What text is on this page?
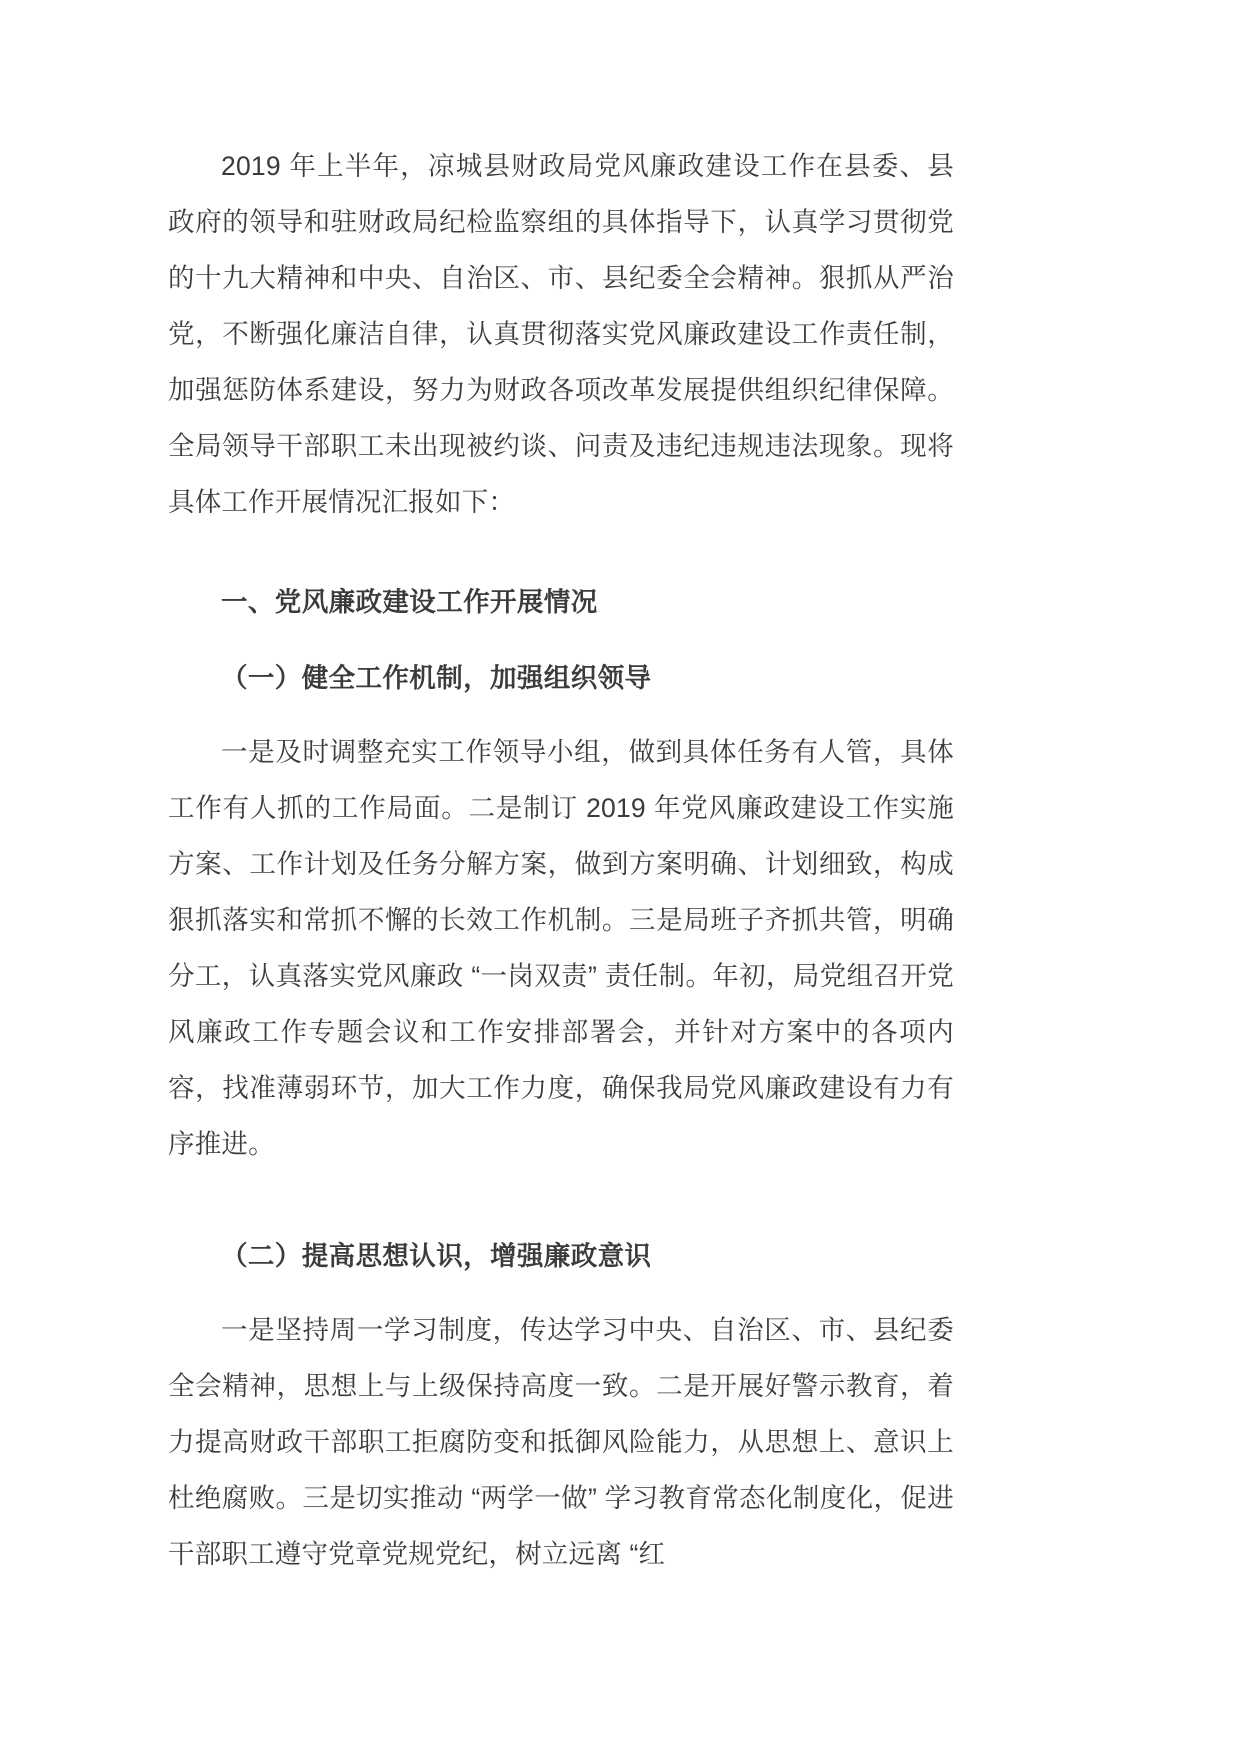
2019 年上半年，凉城县财政局党风廉政建设工作在县委、县政府的领导和驻财政局纪检监察组的具体指导下，认真学习贯彻党的十九大精神和中央、自治区、市、县纪委全会精神。狠抓从严治党，不断强化廉洁自律，认真贯彻落实党风廉政建设工作责任制，加强惩防体系建设，努力为财政各项改革发展提供组织纪律保障。全局领导干部职工未出现被约谈、问责及违纪违规违法现象。现将具体工作开展情况汇报如下：

一、党风廉政建设工作开展情况
（一）健全工作机制，加强组织领导

一是及时调整充实工作领导小组，做到具体任务有人管，具体工作有人抓的工作局面。二是制订 2019 年党风廉政建设工作实施方案、工作计划及任务分解方案，做到方案明确、计划细致，构成狠抓落实和常抓不懈的长效工作机制。三是局班子齐抓共管，明确分工，认真落实党风廉政 “一岗双责” 责任制。年初，局党组召开党风廉政工作专题会议和工作安排部署会，并针对方案中的各项内容，找准薄弱环节，加大工作力度，确保我局党风廉政建设有力有序推进。

（二）提高思想认识，增强廉政意识

一是坚持周一学习制度，传达学习中央、自治区、市、县纪委全会精神，思想上与上级保持高度一致。二是开展好警示教育，着力提高财政干部职工拒腐防变和抵御风险能力，从思想上、意识上杜绝腐败。三是切实推动 “两学一做” 学习教育常态化制度化，促进干部职工遵守党章党规党纪，树立远离 “红
